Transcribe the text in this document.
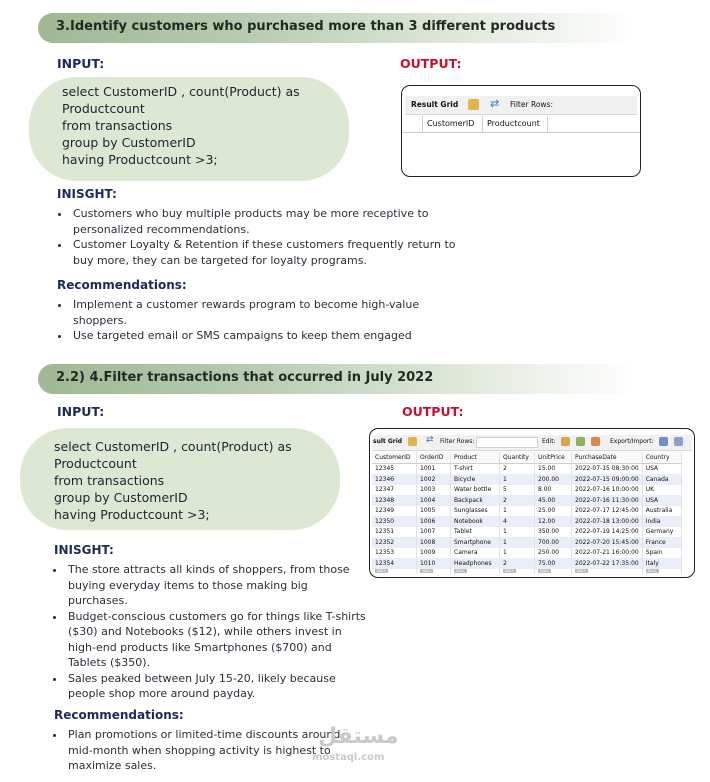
3.Identify customers who purchased more than 3 different products
INPUT:	OUTPUT:
select CustomerID , count(Product) as
Productcount
from transactions
group by CustomerID
having Productcount >3;
Result Grid	⇄ Filter Rows:
CustomerID Productcount
INISGHT:
• Customers who buy multiple products may be more receptive to personalized recommendations.
• Customer Loyalty & Retention if these customers frequently return to buy more, they can be targeted for loyalty programs.
Recommendations:
• Implement a customer rewards program to become high-value shoppers.
• Use targeted email or SMS campaigns to keep them engaged
2.2) 4.Filter transactions that occurred in July 2022
INPUT:	OUTPUT:
select CustomerID , count(Product) as
Productcount
from transactions
group by CustomerID
having Productcount >3;
sult Grid	⇄ Filter Rows:	Edit:	Export/Import:
CustomerID	OrderID	Product	Quantity	UnitPrice	PurchaseDate	Country
12345	1001	T-shirt	2	15.00	2022-07-15 08:30:00	USA
12346	1002	Bicycle	1	200.00	2022-07-15 09:00:00	Canada
12347	1003	Water bottle	5	8.00	2022-07-16 10:00:00	UK
12348	1004	Backpack	2	45.00	2022-07-16 11:30:00	USA
12349	1005	Sunglasses	1	25.00	2022-07-17 12:45:00	Australia
12350	1006	Notebook	4	12.00	2022-07-18 13:00:00	India
12351	1007	Tablet	1	350.00	2022-07-19 14:25:00	Germany
12352	1008	Smartphone	1	700.00	2022-07-20 15:45:00	France
12353	1009	Camera	1	250.00	2022-07-21 16:00:00	Spain
12354	1010	Headphones	2	75.00	2022-07-22 17:35:00	Italy
NULL	NULL	NULL	NULL	NULL	NULL	NULL
INISGHT:
• The store attracts all kinds of shoppers, from those buying everyday items to those making big purchases.
• Budget-conscious customers go for things like T-shirts ($30) and Notebooks ($12), while others invest in high-end products like Smartphones ($700) and Tablets ($350).
• Sales peaked between July 15-20, likely because people shop more around payday.
Recommendations:
• Plan promotions or limited-time discounts around mid-month when shopping activity is highest to maximize sales.
مستقل
mostaql.com
